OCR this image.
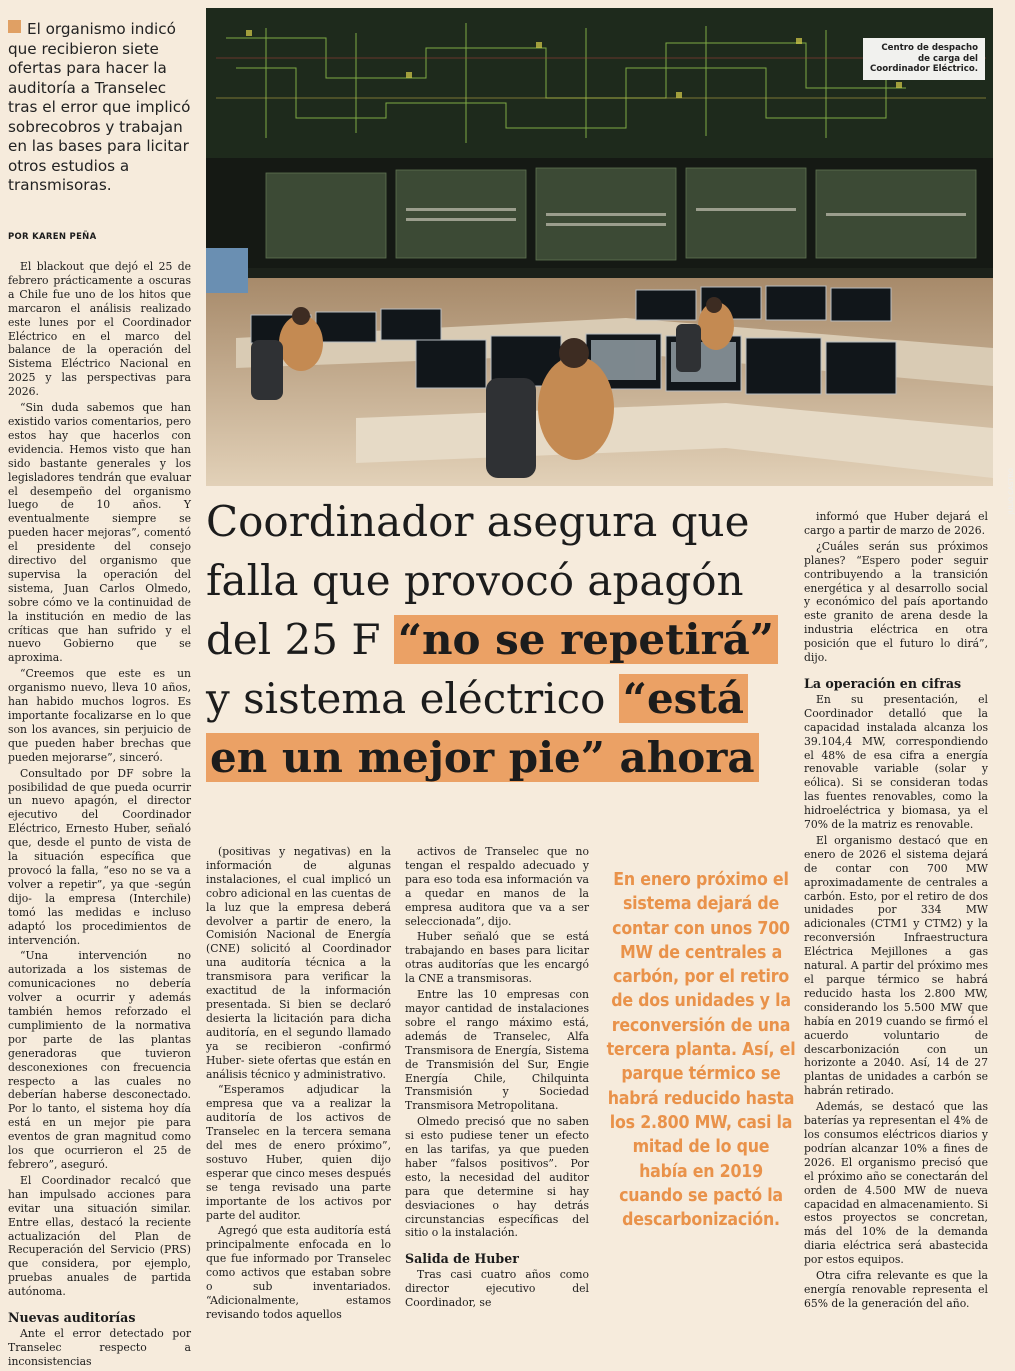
El organismo indicó que recibieron siete ofertas para hacer la auditoría a Transelec tras el error que implicó sobrecobros y trabajan en las bases para licitar otros estudios a transmisoras.

POR KAREN PEÑA

El blackout que dejó el 25 de febrero prácticamente a oscuras a Chile fue uno de los hitos que marcaron el análisis realizado este lunes por el Coordinador Eléctrico en el marco del balance de la operación del Sistema Eléctrico Nacional en 2025 y las perspectivas para 2026.

“Sin duda sabemos que han existido varios comentarios, pero estos hay que hacerlos con evidencia. Hemos visto que han sido bastante generales y los legisladores tendrán que evaluar el desempeño del organismo luego de 10 años. Y eventualmente siempre se pueden hacer mejoras”, comentó el presidente del consejo directivo del organismo que supervisa la operación del sistema, Juan Carlos Olmedo, sobre cómo ve la continuidad de la institución en medio de las críticas que han sufrido y el nuevo Gobierno que se aproxima.

“Creemos que este es un organismo nuevo, lleva 10 años, han habido muchos logros. Es importante focalizarse en lo que son los avances, sin perjuicio de que pueden haber brechas que pueden mejorarse”, sinceró.

Consultado por DF sobre la posibilidad de que pueda ocurrir un nuevo apagón, el director ejecutivo del Coordinador Eléctrico, Ernesto Huber, señaló que, desde el punto de vista de la situación específica que provocó la falla, “eso no se va a volver a repetir”, ya que -según dijo- la empresa (Interchile) tomó las medidas e incluso adaptó los procedimientos de intervención.

“Una intervención no autorizada a los sistemas de comunicaciones no debería volver a ocurrir y además también hemos reforzado el cumplimiento de la normativa por parte de las plantas generadoras que tuvieron desconexiones con frecuencia respecto a las cuales no deberían haberse desconectado. Por lo tanto, el sistema hoy día está en un mejor pie para eventos de gran magnitud como los que ocurrieron el 25 de febrero”, aseguró.

El Coordinador recalcó que han impulsado acciones para evitar una situación similar. Entre ellas, destacó la reciente actualización del Plan de Recuperación del Servicio (PRS) que considera, por ejemplo, pruebas anuales de partida autónoma.

Nuevas auditorías

Ante el error detectado por Transelec respecto a inconsistencias

Centro de despacho de carga del Coordinador Eléctrico.
JULIO CASTRO
Coordinador asegura que falla que provocó apagón del 25 F “no se repetirá” y sistema eléctrico “está en un mejor pie” ahora

(positivas y negativas) en la información de algunas instalaciones, el cual implicó un cobro adicional en las cuentas de la luz que la empresa deberá devolver a partir de enero, la Comisión Nacional de Energía (CNE) solicitó al Coordinador una auditoría técnica a la transmisora para verificar la exactitud de la información presentada. Si bien se declaró desierta la licitación para dicha auditoría, en el segundo llamado ya se recibieron -confirmó Huber- siete ofertas que están en análisis técnico y administrativo.

“Esperamos adjudicar la empresa que va a realizar la auditoría de los activos de Transelec en la tercera semana del mes de enero próximo”, sostuvo Huber, quien dijo esperar que cinco meses después se tenga revisado una parte importante de los activos por parte del auditor.

Agregó que esta auditoría está principalmente enfocada en lo que fue informado por Transelec como activos que estaban sobre o sub inventariados. “Adicionalmente, estamos revisando todos aquellos

activos de Transelec que no tengan el respaldo adecuado y para eso toda esa información va a quedar en manos de la empresa auditora que va a ser seleccionada”, dijo.

Huber señaló que se está trabajando en bases para licitar otras auditorías que les encargó la CNE a transmisoras.

Entre las 10 empresas con mayor cantidad de instalaciones sobre el rango máximo está, además de Transelec, Alfa Transmisora de Energía, Sistema de Transmisión del Sur, Engie Energía Chile, Chilquinta Transmisión y Sociedad Transmisora Metropolitana.

Olmedo precisó que no saben si esto pudiese tener un efecto en las tarifas, ya que pueden haber “falsos positivos”. Por esto, la necesidad del auditor para que determine si hay desviaciones o hay detrás circunstancias específicas del sitio o la instalación.

Salida de Huber

Tras casi cuatro años como director ejecutivo del Coordinador, se

En enero próximo el sistema dejará de contar con unos 700 MW de centrales a carbón, por el retiro de dos unidades y la reconversión de una tercera planta. Así, el parque térmico se habrá reducido hasta los 2.800 MW, casi la mitad de lo que había en 2019 cuando se pactó la descarbonización.

informó que Huber dejará el cargo a partir de marzo de 2026.

¿Cuáles serán sus próximos planes? “Espero poder seguir contribuyendo a la transición energética y al desarrollo social y económico del país aportando este granito de arena desde la industria eléctrica en otra posición que el futuro lo dirá”, dijo.

La operación en cifras

En su presentación, el Coordinador detalló que la capacidad instalada alcanza los 39.104,4 MW, correspondiendo el 48% de esa cifra a energía renovable variable (solar y eólica). Si se consideran todas las fuentes renovables, como la hidroeléctrica y biomasa, ya el 70% de la matriz es renovable.

El organismo destacó que en enero de 2026 el sistema dejará de contar con 700 MW aproximadamente de centrales a carbón. Esto, por el retiro de dos unidades por 334 MW adicionales (CTM1 y CTM2) y la reconversión Infraestructura Eléctrica Mejillones a gas natural. A partir del próximo mes el parque térmico se habrá reducido hasta los 2.800 MW, considerando los 5.500 MW que había en 2019 cuando se firmó el acuerdo voluntario de descarbonización con un horizonte a 2040. Así, 14 de 27 plantas de unidades a carbón se habrán retirado.

Además, se destacó que las baterías ya representan el 4% de los consumos eléctricos diarios y podrían alcanzar 10% a fines de 2026. El organismo precisó que el próximo año se conectarán del orden de 4.500 MW de nueva capacidad en almacenamiento. Si estos proyectos se concretan, más del 10% de la demanda diaria eléctrica será abastecida por estos equipos.

Otra cifra relevante es que la energía renovable representa el 65% de la generación del año.
